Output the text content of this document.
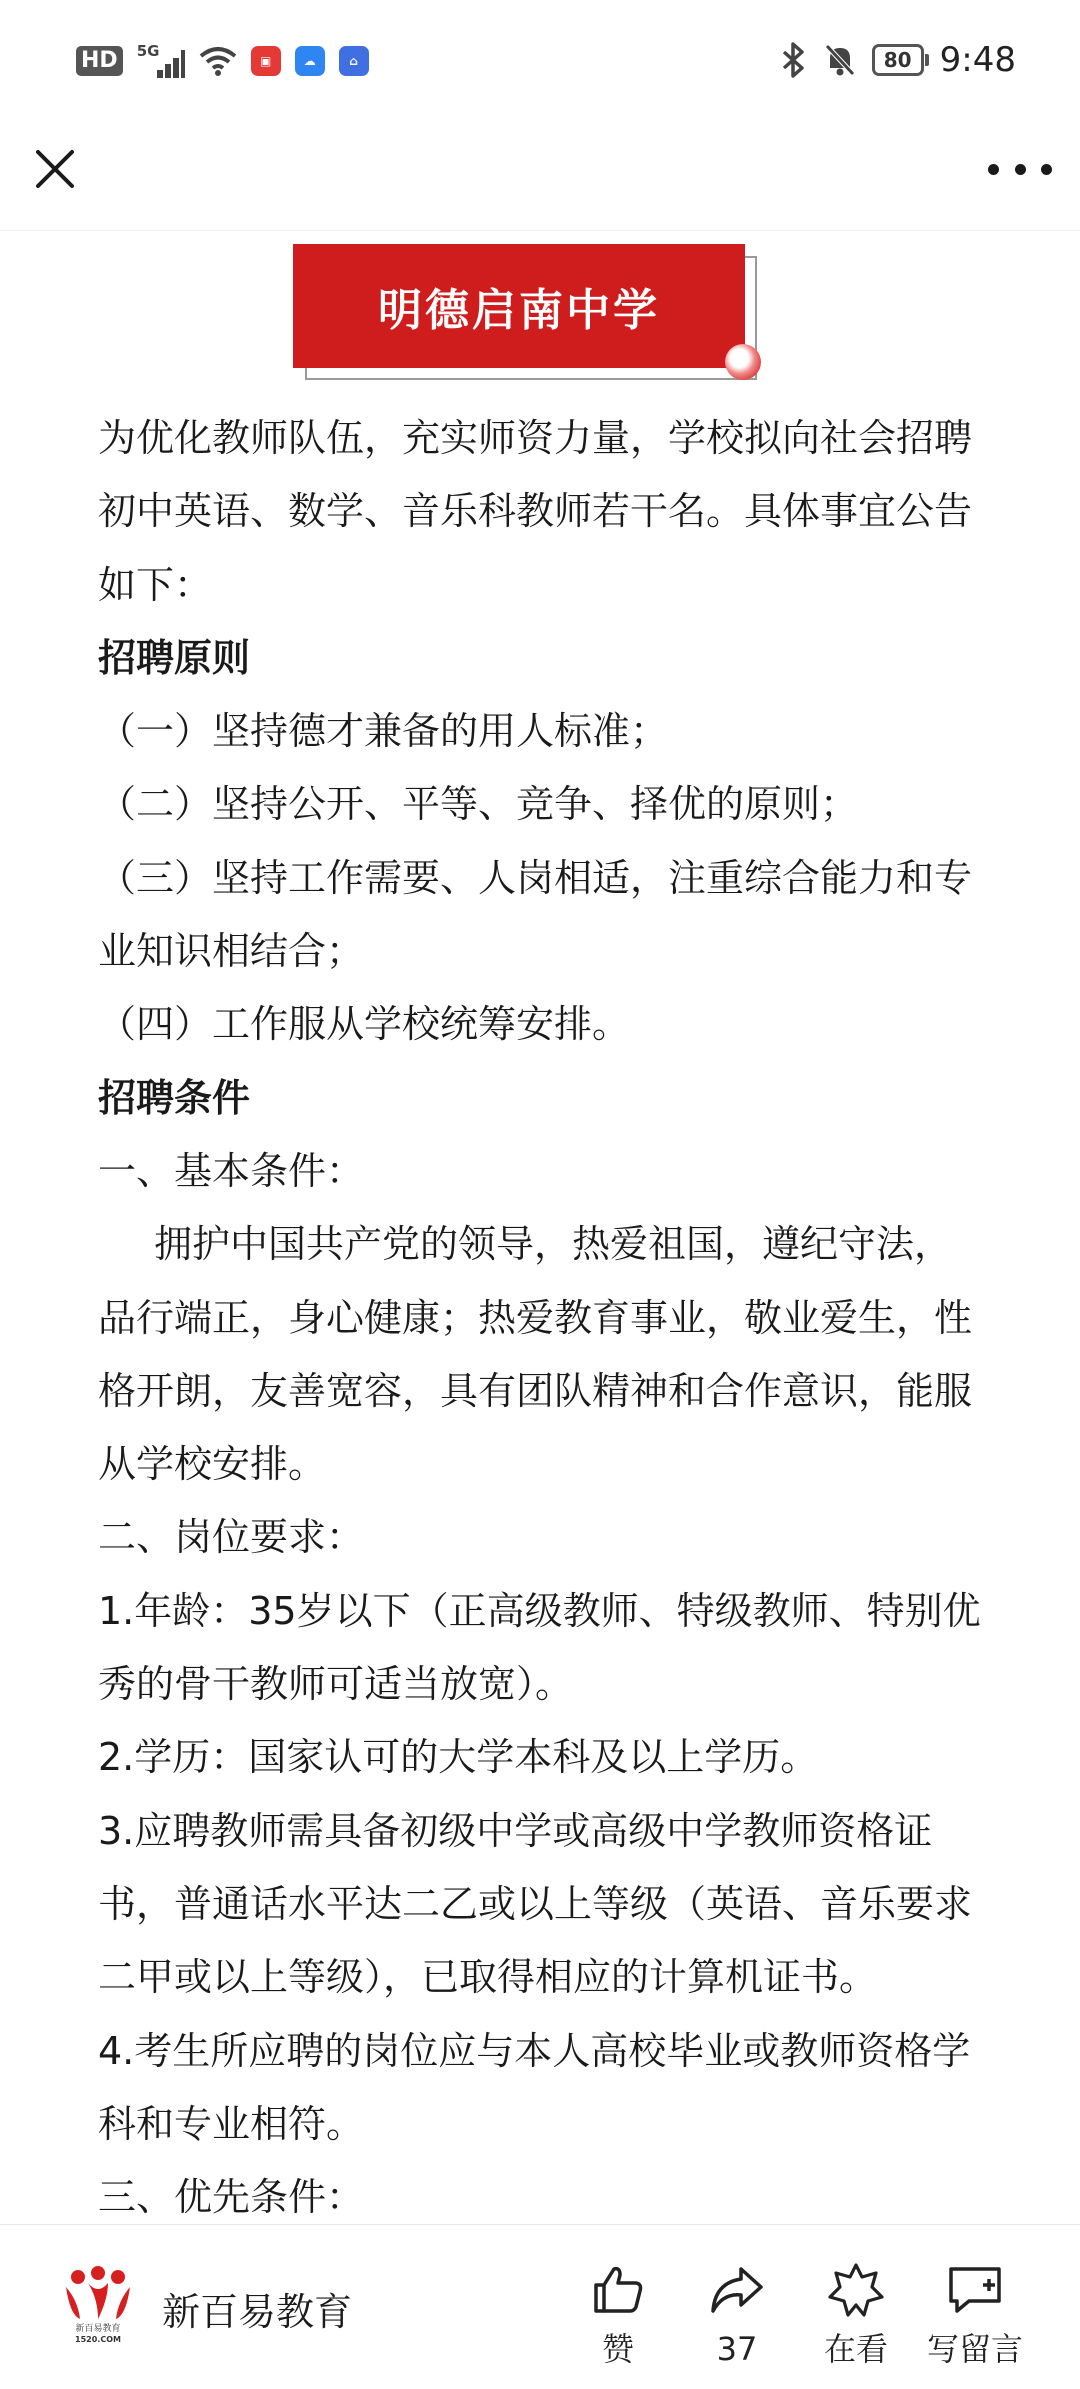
HD	5G
▣	☁	⌂	80 9:48
明德启南中学

为优化教师队伍，充实师资力量，学校拟向社会招聘初中英语、数学、音乐科教师若干名。具体事宜公告如下：

招聘原则

（一）坚持德才兼备的用人标准；

（二）坚持公开、平等、竞争、择优的原则；

（三）坚持工作需要、人岗相适，注重综合能力和专业知识相结合；

（四）工作服从学校统筹安排。

招聘条件

一、基本条件：

拥护中国共产党的领导，热爱祖国，遵纪守法，品行端正，身心健康；热爱教育事业，敬业爱生，性格开朗，友善宽容，具有团队精神和合作意识，能服从学校安排。

二、岗位要求：

1.年龄：35岁以下（正高级教师、特级教师、特别优秀的骨干教师可适当放宽）。

2.学历：国家认可的大学本科及以上学历。

3.应聘教师需具备初级中学或高级中学教师资格证书，普通话水平达二乙或以上等级（英语、音乐要求二甲或以上等级），已取得相应的计算机证书。

4.考生所应聘的岗位应与本人高校毕业或教师资格学科和专业相符。

三、优先条件：

新百易教育
1520.COM
新百易教育
赞	37	在看	写留言
